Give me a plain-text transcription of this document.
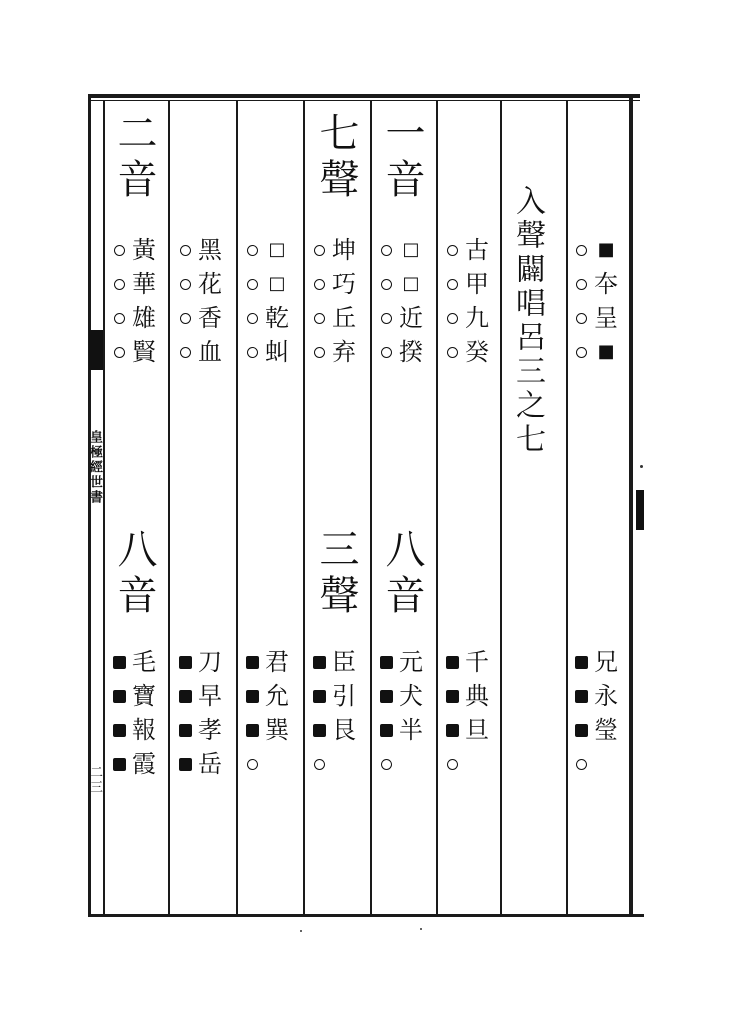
皇極經世書
二三
入聲闢唱呂三之七
二音	七聲 一音
八音	三聲 八音
黃
華
雄
賢
毛
寶
報
霞
黑
花
香
血
刀
早
孝
岳
□
□
乾
虯
君
允
巽
坤
巧
丘
弃
臣
引
艮
□
□
近
揆
元
犬
半
古
甲
九
癸
千
典
旦
■
夲
呈
■
兄
永
瑩
